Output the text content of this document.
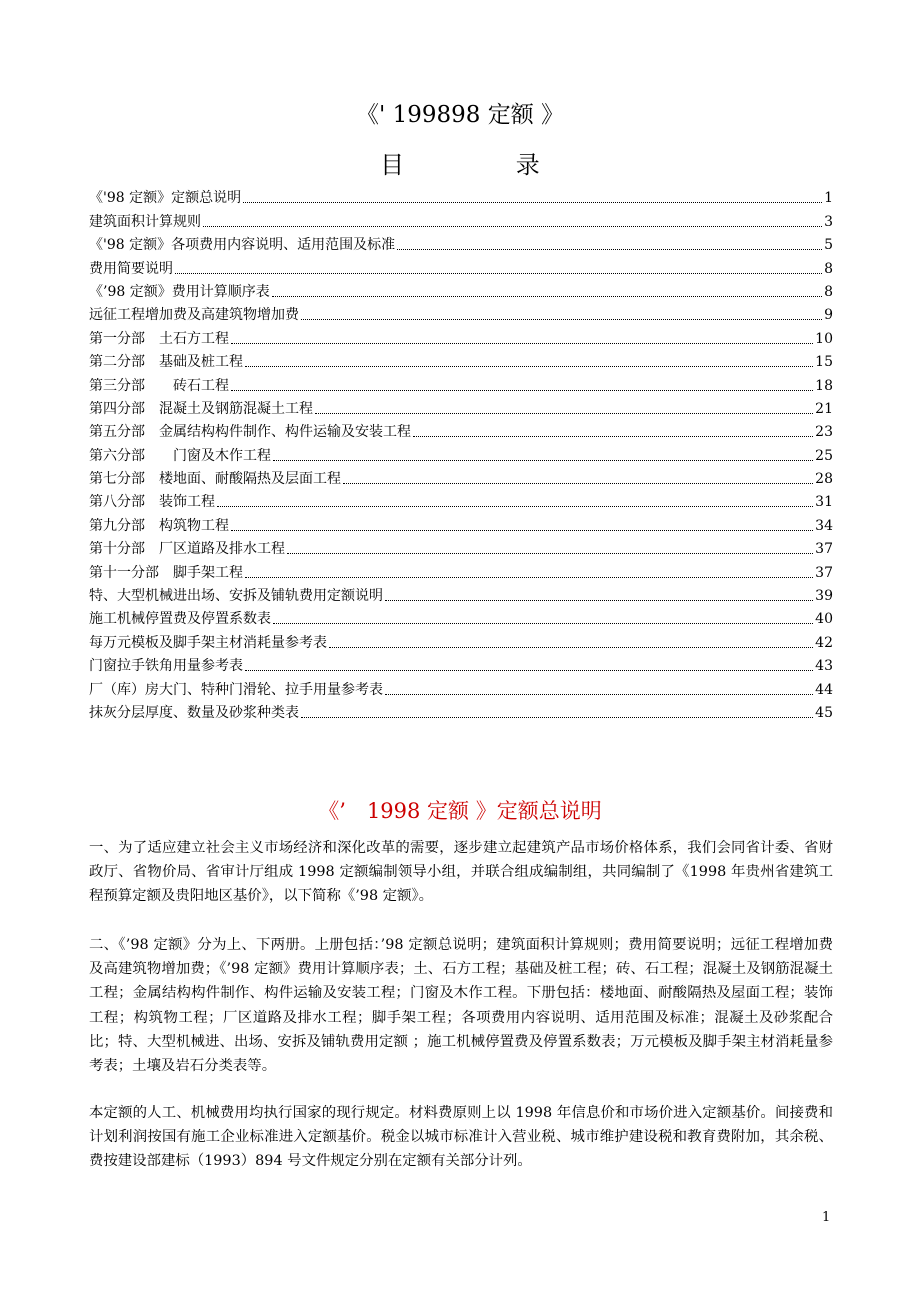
《' 199898 定额 》
目 录
《'98 定额》定额总说明	1
建筑面积计算规则	3
《'98 定额》各项费用内容说明、适用范围及标准	5
费用简要说明	8
《’98 定额》费用计算顺序表	8
远征工程增加费及高建筑物增加费	9
第一分部　土石方工程	10
第二分部　基础及桩工程	15
第三分部　　砖石工程	18
第四分部　混凝土及钢筋混凝土工程	21
第五分部　金属结构构件制作、构件运输及安装工程	23
第六分部　　门窗及木作工程	25
第七分部　楼地面、耐酸隔热及层面工程	28
第八分部　装饰工程	31
第九分部　构筑物工程	34
第十分部　厂区道路及排水工程	37
第十一分部　脚手架工程	37
特、大型机械进出场、安拆及铺轨费用定额说明	39
施工机械停置费及停置系数表	40
每万元模板及脚手架主材消耗量参考表	42
门窗拉手铁角用量参考表	43
厂（库）房大门、特种门滑轮、拉手用量参考表	44
抹灰分层厚度、数量及砂浆种类表	45
《’　1998 定额 》定额总说明

一、为了适应建立社会主义市场经济和深化改革的需要，逐步建立起建筑产品市场价格体系，我们会同省计委、省财政厅、省物价局、省审计厅组成 1998 定额编制领导小组，并联合组成编制组，共同编制了《1998 年贵州省建筑工程预算定额及贵阳地区基价》，以下简称《’98 定额》。

二、《’98 定额》分为上、下两册。上册包括：’98 定额总说明；建筑面积计算规则；费用简要说明；远征工程增加费及高建筑物增加费；《’98 定额》费用计算顺序表；土、石方工程；基础及桩工程；砖、石工程；混凝土及钢筋混凝土工程；金属结构构件制作、构件运输及安装工程；门窗及木作工程。下册包括：楼地面、耐酸隔热及屋面工程；装饰工程；构筑物工程；厂区道路及排水工程；脚手架工程；各项费用内容说明、适用范围及标准；混凝土及砂浆配合比；特、大型机械进、出场、安拆及铺轨费用定额 ；施工机械停置费及停置系数表；万元模板及脚手架主材消耗量参考表；土壤及岩石分类表等。

本定额的人工、机械费用均执行国家的现行规定。材料费原则上以 1998 年信息价和市场价进入定额基价。间接费和计划利润按国有施工企业标准进入定额基价。税金以城市标准计入营业税、城市维护建设税和教育费附加，其余税、费按建设部建标（1993）894 号文件规定分别在定额有关部分计列。

1
